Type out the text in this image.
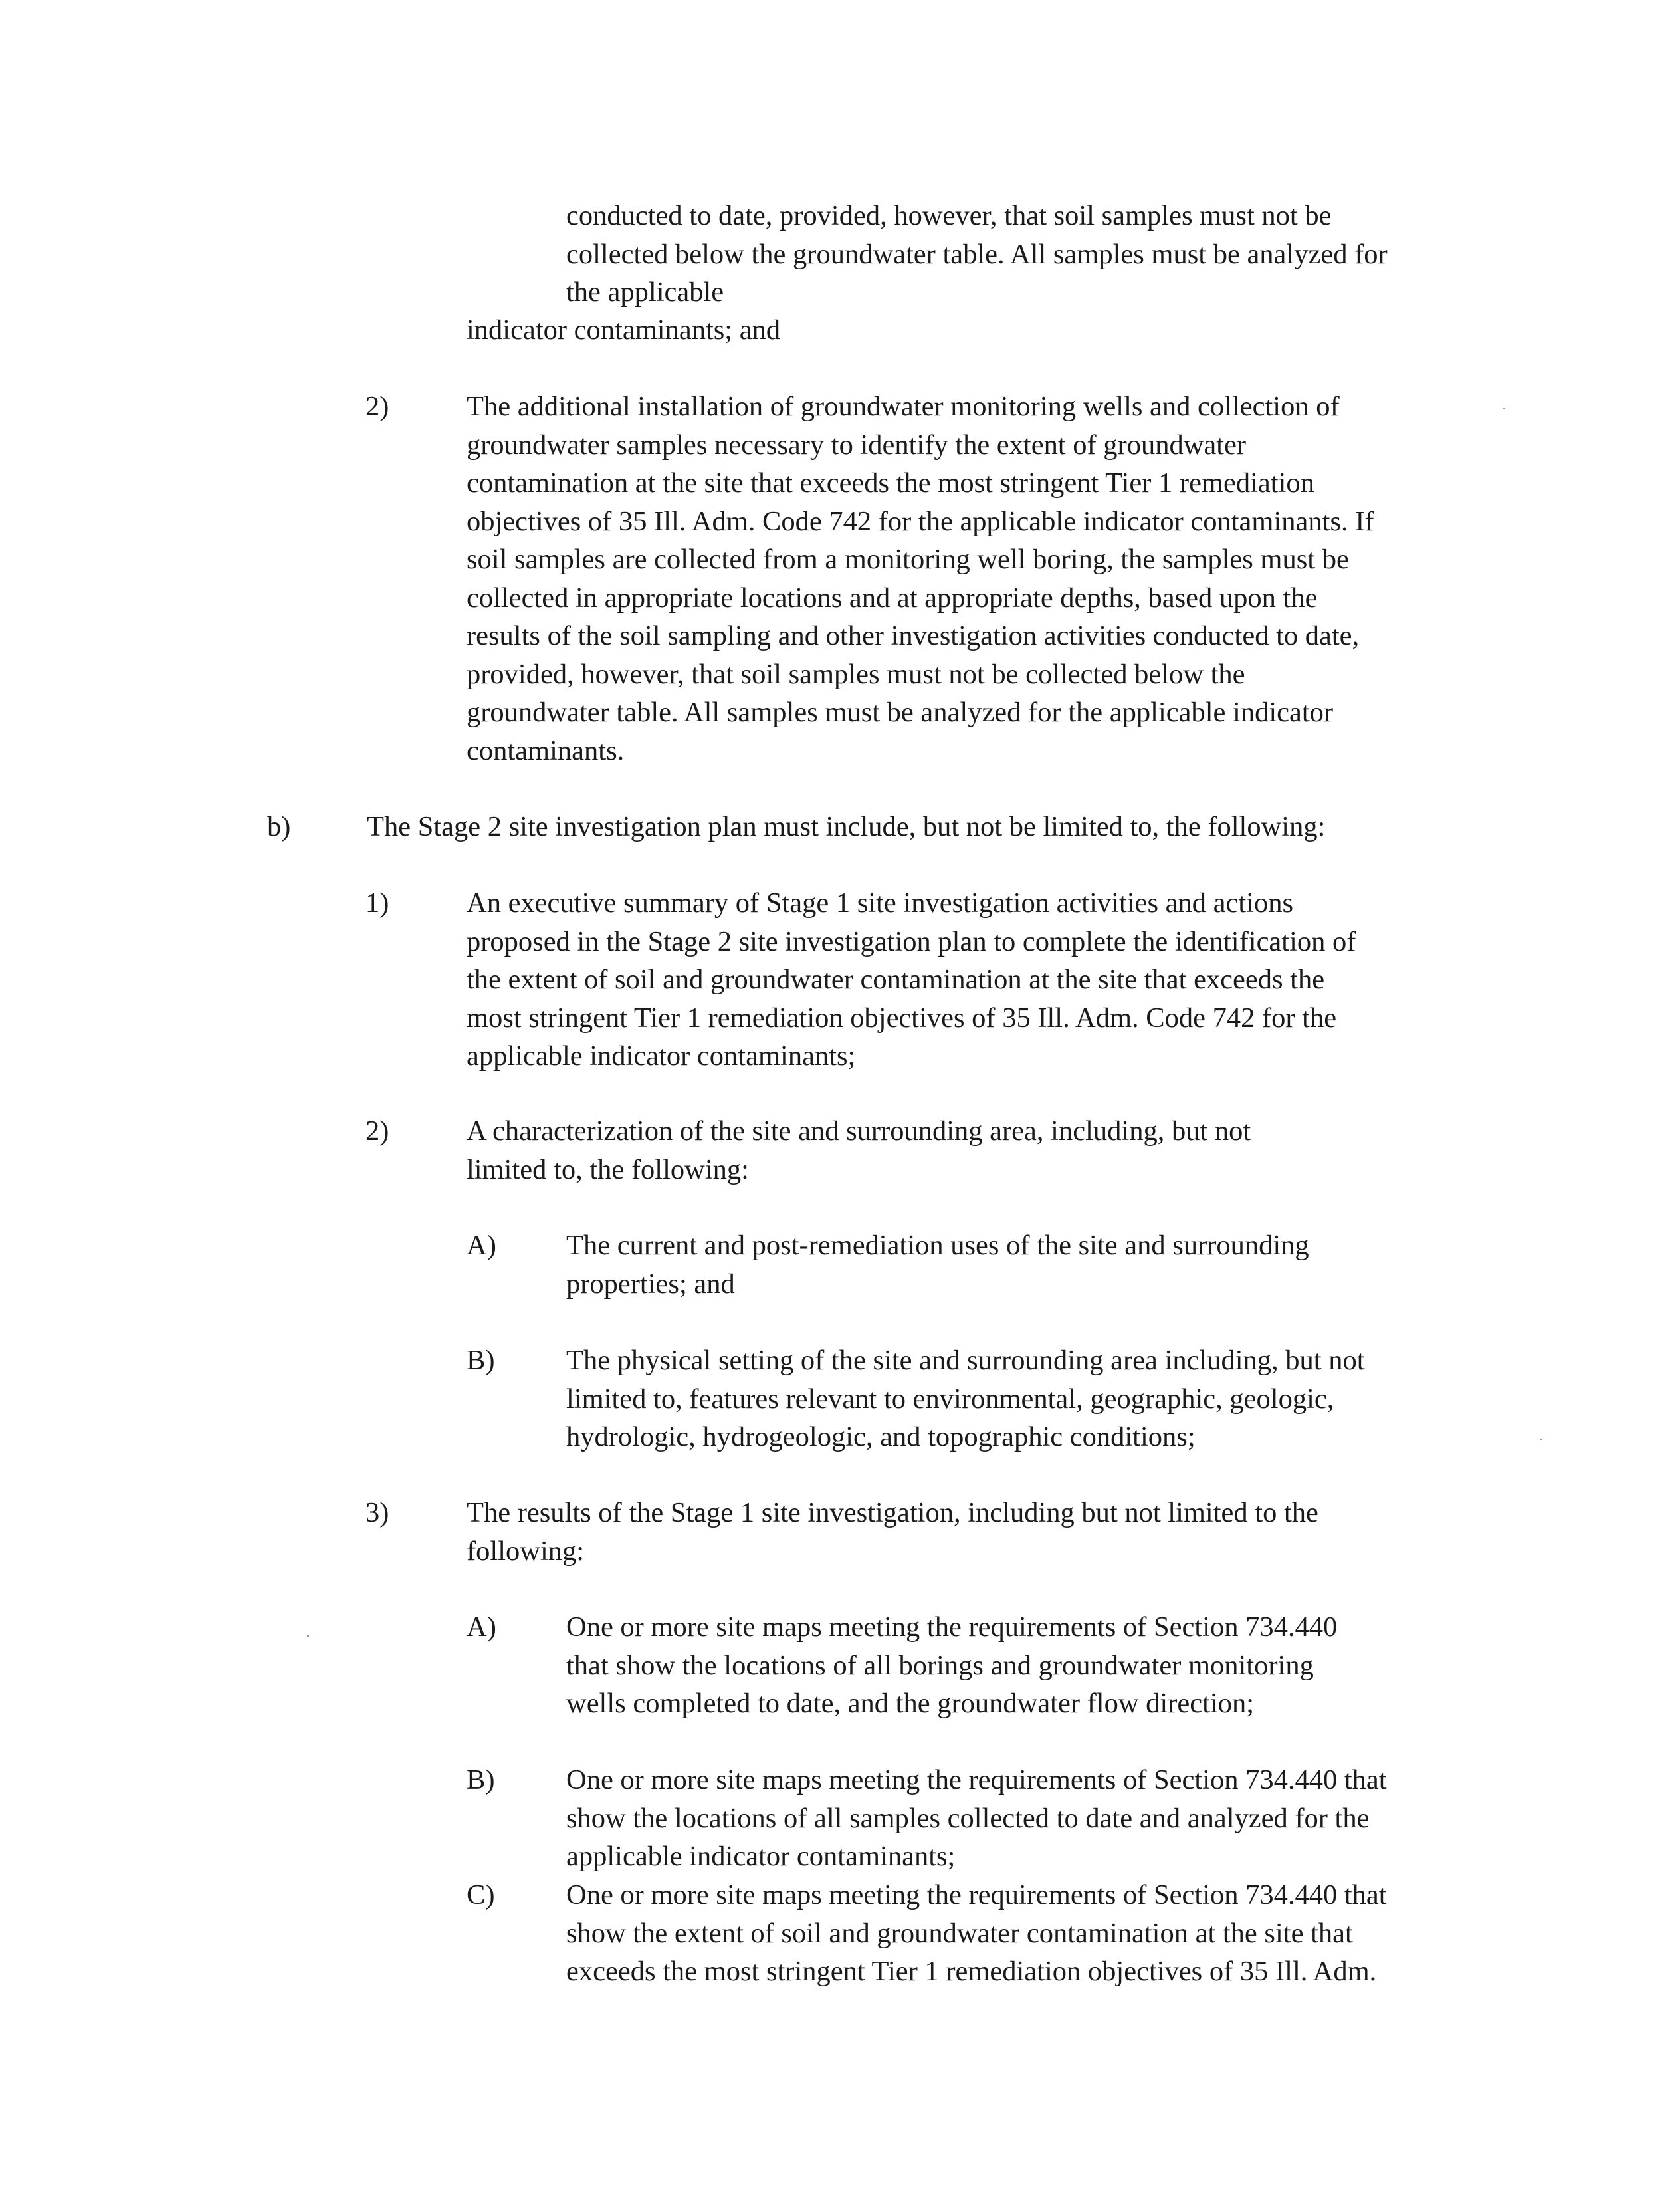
conducted to date, provided, however, that soil samples must not be
collected below the groundwater table. All samples must be analyzed for
the applicable
indicator contaminants; and
2)	The additional installation of groundwater monitoring wells and collection of
groundwater samples necessary to identify the extent of groundwater
contamination at the site that exceeds the most stringent Tier 1 remediation
objectives of 35 Ill. Adm. Code 742 for the applicable indicator contaminants. If
soil samples are collected from a monitoring well boring, the samples must be
collected in appropriate locations and at appropriate depths, based upon the
results of the soil sampling and other investigation activities conducted to date,
provided, however, that soil samples must not be collected below the
groundwater table. All samples must be analyzed for the applicable indicator
contaminants.
b)	The Stage 2 site investigation plan must include, but not be limited to, the following:
1)	An executive summary of Stage 1 site investigation activities and actions
proposed in the Stage 2 site investigation plan to complete the identification of
the extent of soil and groundwater contamination at the site that exceeds the
most stringent Tier 1 remediation objectives of 35 Ill. Adm. Code 742 for the
applicable indicator contaminants;
2)	A characterization of the site and surrounding area, including, but not
limited to, the following:
A) The current and post-remediation uses of the site and surrounding
properties; and
B)	The physical setting of the site and surrounding area including, but not
limited to, features relevant to environmental, geographic, geologic,
hydrologic, hydrogeologic, and topographic conditions;
3)	The results of the Stage 1 site investigation, including but not limited to the
following:
A) One or more site maps meeting the requirements of Section 734.440
that show the locations of all borings and groundwater monitoring
wells completed to date, and the groundwater flow direction;
B)	One or more site maps meeting the requirements of Section 734.440 that
show the locations of all samples collected to date and analyzed for the
applicable indicator contaminants;
C)	One or more site maps meeting the requirements of Section 734.440 that
show the extent of soil and groundwater contamination at the site that
exceeds the most stringent Tier 1 remediation objectives of 35 Ill. Adm.
